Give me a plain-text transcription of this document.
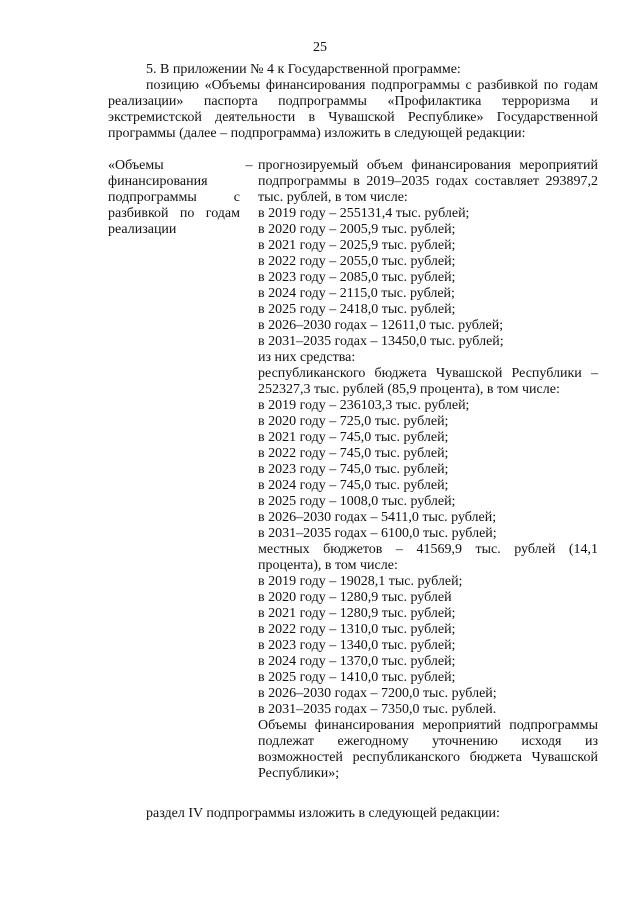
25

5. В приложении № 4 к Государственной программе:

позицию «Объемы финансирования подпрограммы с разбивкой по годам реализации» паспорта подпрограммы «Профилактика терроризма и экстремистской деятельности в Чувашской Республике» Государственной программы (далее – подпрограмма) изложить в следующей редакции:

«Объемы финансирования подпрограммы с разбивкой по годам реализации
– прогнозируемый объем финансирования мероприятий подпрограммы в 2019–2035 годах составляет 293897,2 тыс. рублей, в том числе:
в 2019 году – 255131,4 тыс. рублей;
в 2020 году – 2005,9 тыс. рублей;
в 2021 году – 2025,9 тыс. рублей;
в 2022 году – 2055,0 тыс. рублей;
в 2023 году – 2085,0 тыс. рублей;
в 2024 году – 2115,0 тыс. рублей;
в 2025 году – 2418,0 тыс. рублей;
в 2026–2030 годах – 12611,0 тыс. рублей;
в 2031–2035 годах – 13450,0 тыс. рублей;
из них средства:
республиканского бюджета Чувашской Республики – 252327,3 тыс. рублей (85,9 процента), в том числе:
в 2019 году – 236103,3 тыс. рублей;
в 2020 году – 725,0 тыс. рублей;
в 2021 году – 745,0 тыс. рублей;
в 2022 году – 745,0 тыс. рублей;
в 2023 году – 745,0 тыс. рублей;
в 2024 году – 745,0 тыс. рублей;
в 2025 году – 1008,0 тыс. рублей;
в 2026–2030 годах – 5411,0 тыс. рублей;
в 2031–2035 годах – 6100,0 тыс. рублей;
местных бюджетов – 41569,9 тыс. рублей (14,1 процента), в том числе:
в 2019 году – 19028,1 тыс. рублей;
в 2020 году – 1280,9 тыс. рублей
в 2021 году – 1280,9 тыс. рублей;
в 2022 году – 1310,0 тыс. рублей;
в 2023 году – 1340,0 тыс. рублей;
в 2024 году – 1370,0 тыс. рублей;
в 2025 году – 1410,0 тыс. рублей;
в 2026–2030 годах – 7200,0 тыс. рублей;
в 2031–2035 годах – 7350,0 тыс. рублей.
Объемы финансирования мероприятий подпрограммы подлежат ежегодному уточнению исходя из возможностей республиканского бюджета Чувашской Республики»;
раздел IV подпрограммы изложить в следующей редакции:
